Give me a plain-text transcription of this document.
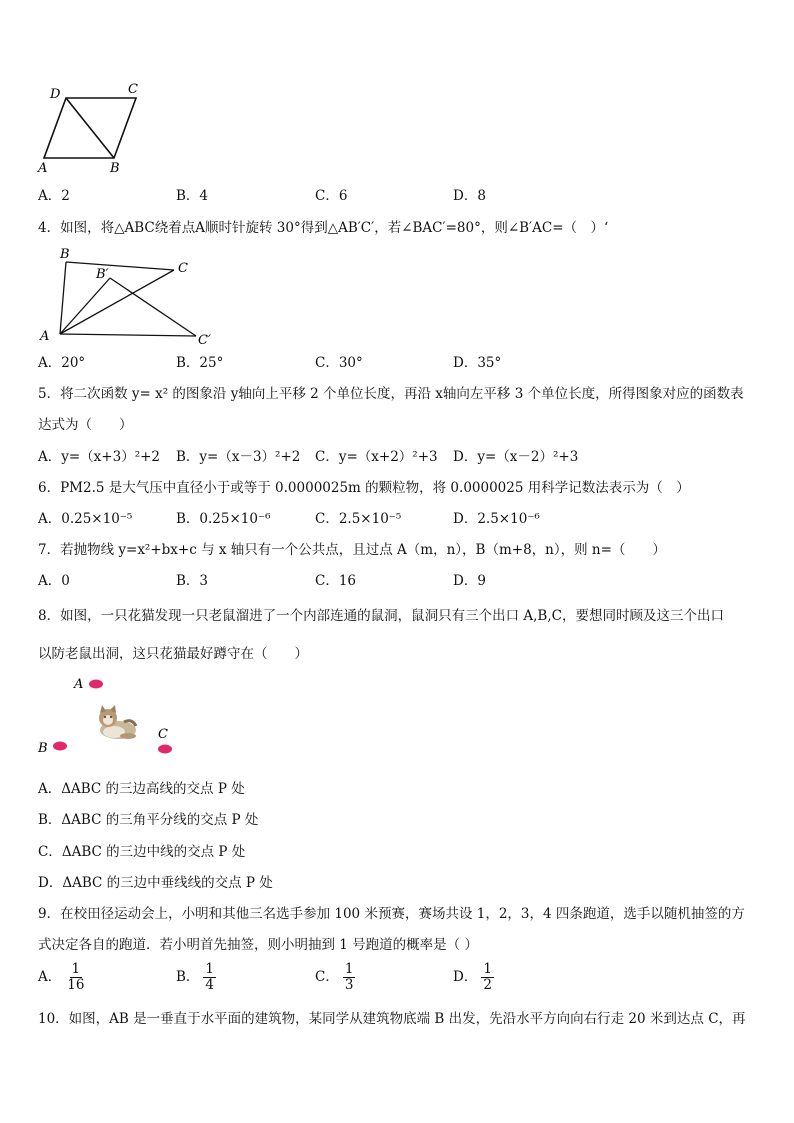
D	C
A	B
A．2	B．4	C．6	D．8
4．如图，将△ABC绕着点A顺时针旋转 30°得到△AB′C′，若∠BAC′=80°，则∠B′AC=（　）‘
B
B′	C
A	C′
A．20°	B．25°	C．30°	D．35°
5．将二次函数 y= x² 的图象沿 y轴向上平移 2 个单位长度，再沿 x轴向左平移 3 个单位长度，所得图象对应的函数表
达式为（　　）
A．y=（x+3）²+2 B．y=（x－3）²+2 C．y=（x+2）²+3 D．y=（x－2）²+3
6．PM2.5 是大气压中直径小于或等于 0.0000025m 的颗粒物，将 0.0000025 用科学记数法表示为（　）
A．0.25×10⁻⁵	B．0.25×10⁻⁶	C．2.5×10⁻⁵	D．2.5×10⁻⁶
7．若抛物线 y=x²+bx+c 与 x 轴只有一个公共点，且过点 A（m，n），B（m+8，n），则 n=（　　）
A．0	B．3	C．16	D．9
8．如图，一只花猫发现一只老鼠溜进了一个内部连通的鼠洞，鼠洞只有三个出口 A,B,C，要想同时顾及这三个出口
以防老鼠出洞，这只花猫最好蹲守在（　　）
A
B
C
A．ΔABC 的三边高线的交点 P 处
B．ΔABC 的三角平分线的交点 P 处
C．ΔABC 的三边中线的交点 P 处
D．ΔABC 的三边中垂线线的交点 P 处
9．在校田径运动会上，小明和其他三名选手参加 100 米预赛，赛场共设 1，2，3，4 四条跑道，选手以随机抽签的方
式决定各自的跑道．若小明首先抽签，则小明抽到 1 号跑道的概率是（ ）
A． $\frac{1}{16}$	B． $\frac{1}{4}$	C． $\frac{1}{3}$	D． $\frac{1}{2}$
10．如图，AB 是一垂直于水平面的建筑物，某同学从建筑物底端 B 出发，先沿水平方向向右行走 20 米到达点 C，再
